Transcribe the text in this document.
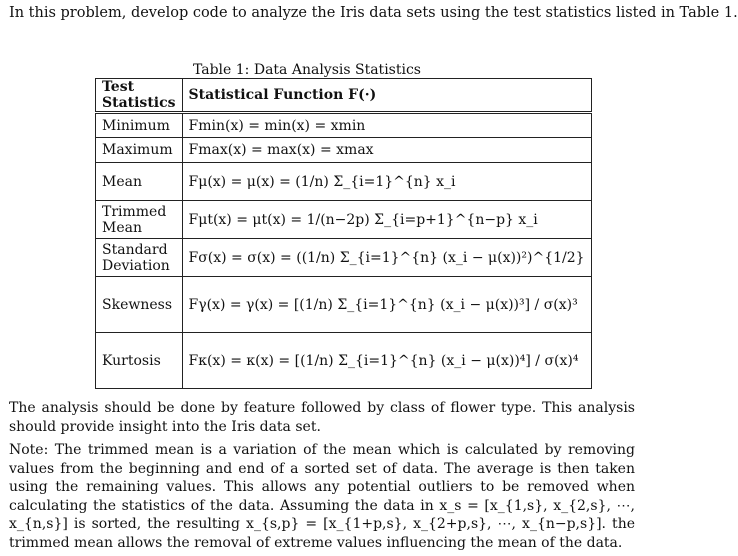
In this problem, develop code to analyze the Iris data sets using the test statistics listed in Table 1.
Table 1: Data Analysis Statistics
Test Statistics	Statistical Function F(·)
Minimum	Fmin(x) = min(x) = xmin
Maximum	Fmax(x) = max(x) = xmax
Mean	Fμ(x) = μ(x) = (1/n) Σ_{i=1}^{n} x_i
Trimmed Mean	Fμt(x) = μt(x) = 1/(n−2p) Σ_{i=p+1}^{n−p} x_i
Standard Deviation	Fσ(x) = σ(x) = ((1/n) Σ_{i=1}^{n} (x_i − μ(x))²)^{1/2}
Skewness	Fγ(x) = γ(x) = [(1/n) Σ_{i=1}^{n} (x_i − μ(x))³] / σ(x)³
Kurtosis	Fκ(x) = κ(x) = [(1/n) Σ_{i=1}^{n} (x_i − μ(x))⁴] / σ(x)⁴
The analysis should be done by feature followed by class of flower type. This analysis should provide insight into the Iris data set.
Note: The trimmed mean is a variation of the mean which is calculated by removing values from the beginning and end of a sorted set of data. The average is then taken using the remaining values. This allows any potential outliers to be removed when calculating the statistics of the data. Assuming the data in x_s = [x_{1,s}, x_{2,s}, ⋯, x_{n,s}] is sorted, the resulting x_{s,p} = [x_{1+p,s}, x_{2+p,s}, ⋯, x_{n−p,s}]. the trimmed mean allows the removal of extreme values influencing the mean of the data.
